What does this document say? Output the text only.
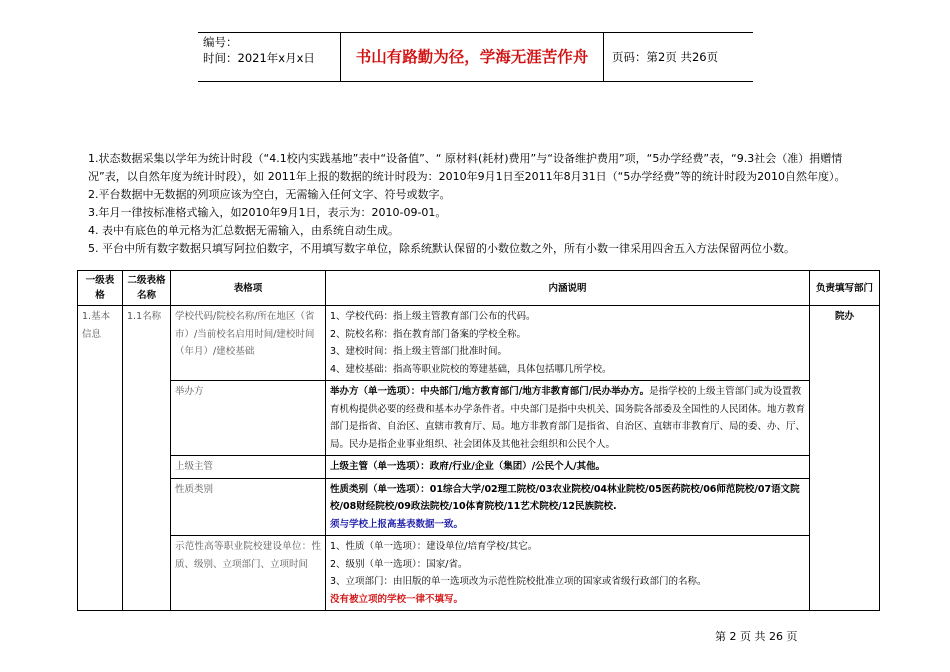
编号：
时间：2021年x月x日	书山有路勤为径，学海无涯苦作舟	页码：第2页 共26页

1.状态数据采集以学年为统计时段（“4.1校内实践基地”表中“设备值”、“ 原材料(耗材)费用”与“设备维护费用”项，“5办学经费”表，“9.3社会（准）捐赠情况”表，以自然年度为统计时段），如 2011年上报的数据的统计时段为：2010年9月1日至2011年8月31日（“5办学经费”等的统计时段为2010自然年度）。

2.平台数据中无数据的列项应该为空白，无需输入任何文字、符号或数字。

3.年月一律按标准格式输入，如2010年9月1日，表示为：2010-09-01。

4. 表中有底色的单元格为汇总数据无需输入，由系统自动生成。

5. 平台中所有数字数据只填写阿拉伯数字，不用填写数字单位，除系统默认保留的小数位数之外，所有小数一律采用四舍五入方法保留两位小数。

一级表格	二级表格名称	表格项	内涵说明	负责填写部门
1.基本信息	1.1名称	学校代码/院校名称/所在地区（省市）/当前校名启用时间/建校时间（年月）/建校基础	1、学校代码：指上级主管教育部门公布的代码。
2、院校名称：指在教育部门备案的学校全称。
3、建校时间：指上级主管部门批准时间。
4、建校基础：指高等职业院校的筹建基础，具体包括哪几所学校。	院办
		举办方	举办方（单一选项）：中央部门/地方教育部门/地方非教育部门/民办举办方。是指学校的上级主管部门或为设置教育机构提供必要的经费和基本办学条件者。中央部门是指中央机关、国务院各部委及全国性的人民团体。地方教育部门是指省、自治区、直辖市教育厅、局。地方非教育部门是指省、自治区、直辖市非教育厅、局的委、办、厅、局。民办是指企业事业组织、社会团体及其他社会组织和公民个人。	
		上级主管	上级主管（单一选项）：政府/行业/企业（集团）/公民个人/其他。	
		性质类别	性质类别（单一选项）：01综合大学/02理工院校/03农业院校/04林业院校/05医药院校/06师范院校/07语文院校/08财经院校/09政法院校/10体育院校/11艺术院校/12民族院校.
须与学校上报高基表数据一致。	

		示范性高等职业院校建设单位：性质、级别、立项部门、立项时间	1、性质（单一选项）：建设单位/培育学校/其它。
2、级别（单一选项）：国家/省。
3、立项部门：由旧版的单一选项改为示范性院校批准立项的国家或省级行政部门的名称。
没有被立项的学校一律不填写。	
第 2 页 共 26 页
